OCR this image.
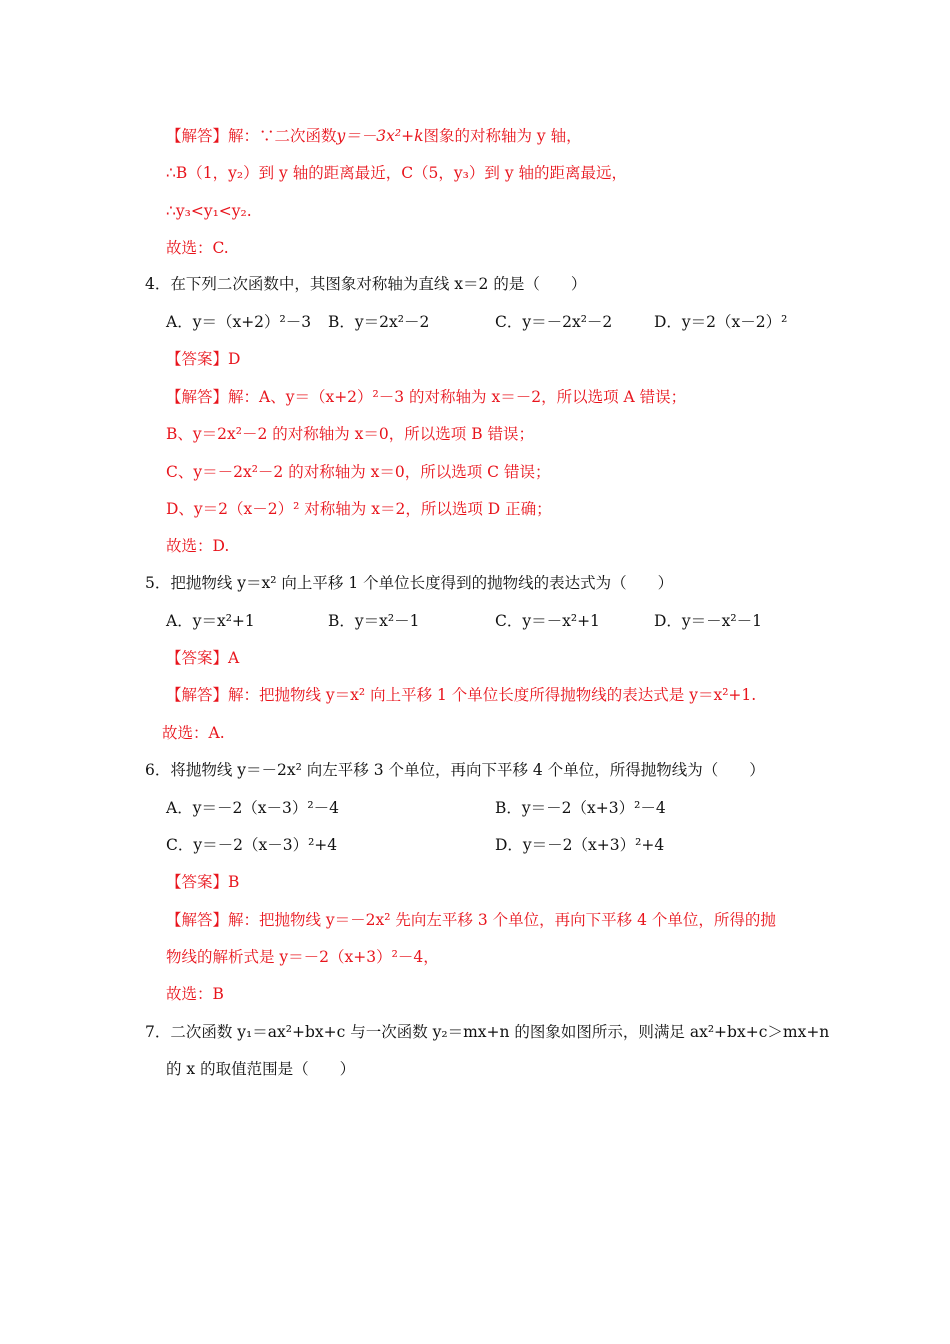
【解答】解：∵二次函数y＝－3x²+k图象的对称轴为 y 轴，
∴B（1，y₂）到 y 轴的距离最近，C（5，y₃）到 y 轴的距离最远，
∴y₃<y₁<y₂.
故选：C.
4．在下列二次函数中，其图象对称轴为直线 x＝2 的是（　　）
A．y＝（x+2）²－3 B．y＝2x²－2	C．y＝－2x²－2	D．y＝2（x－2）²
【答案】D
【解答】解：A、y＝（x+2）²－3 的对称轴为 x＝－2，所以选项 A 错误；
B、y＝2x²－2 的对称轴为 x＝0，所以选项 B 错误；
C、y＝－2x²－2 的对称轴为 x＝0，所以选项 C 错误；
D、y＝2（x－2）² 对称轴为 x＝2，所以选项 D 正确；
故选：D.
5．把抛物线 y＝x² 向上平移 1 个单位长度得到的抛物线的表达式为（　　）
A．y＝x²+1	B．y＝x²－1	C．y＝－x²+1	D．y＝－x²－1
【答案】A
【解答】解：把抛物线 y＝x² 向上平移 1 个单位长度所得抛物线的表达式是 y＝x²+1.
故选：A.
6．将抛物线 y＝－2x² 向左平移 3 个单位，再向下平移 4 个单位，所得抛物线为（　　）
A．y＝－2（x－3）²－4	B．y＝－2（x+3）²－4
C．y＝－2（x－3）²+4	D．y＝－2（x+3）²+4
【答案】B
【解答】解：把抛物线 y＝－2x² 先向左平移 3 个单位，再向下平移 4 个单位，所得的抛
物线的解析式是 y＝－2（x+3）²－4，
故选：B
7．二次函数 y₁＝ax²+bx+c 与一次函数 y₂＝mx+n 的图象如图所示，则满足 ax²+bx+c＞mx+n
的 x 的取值范围是（　　）
